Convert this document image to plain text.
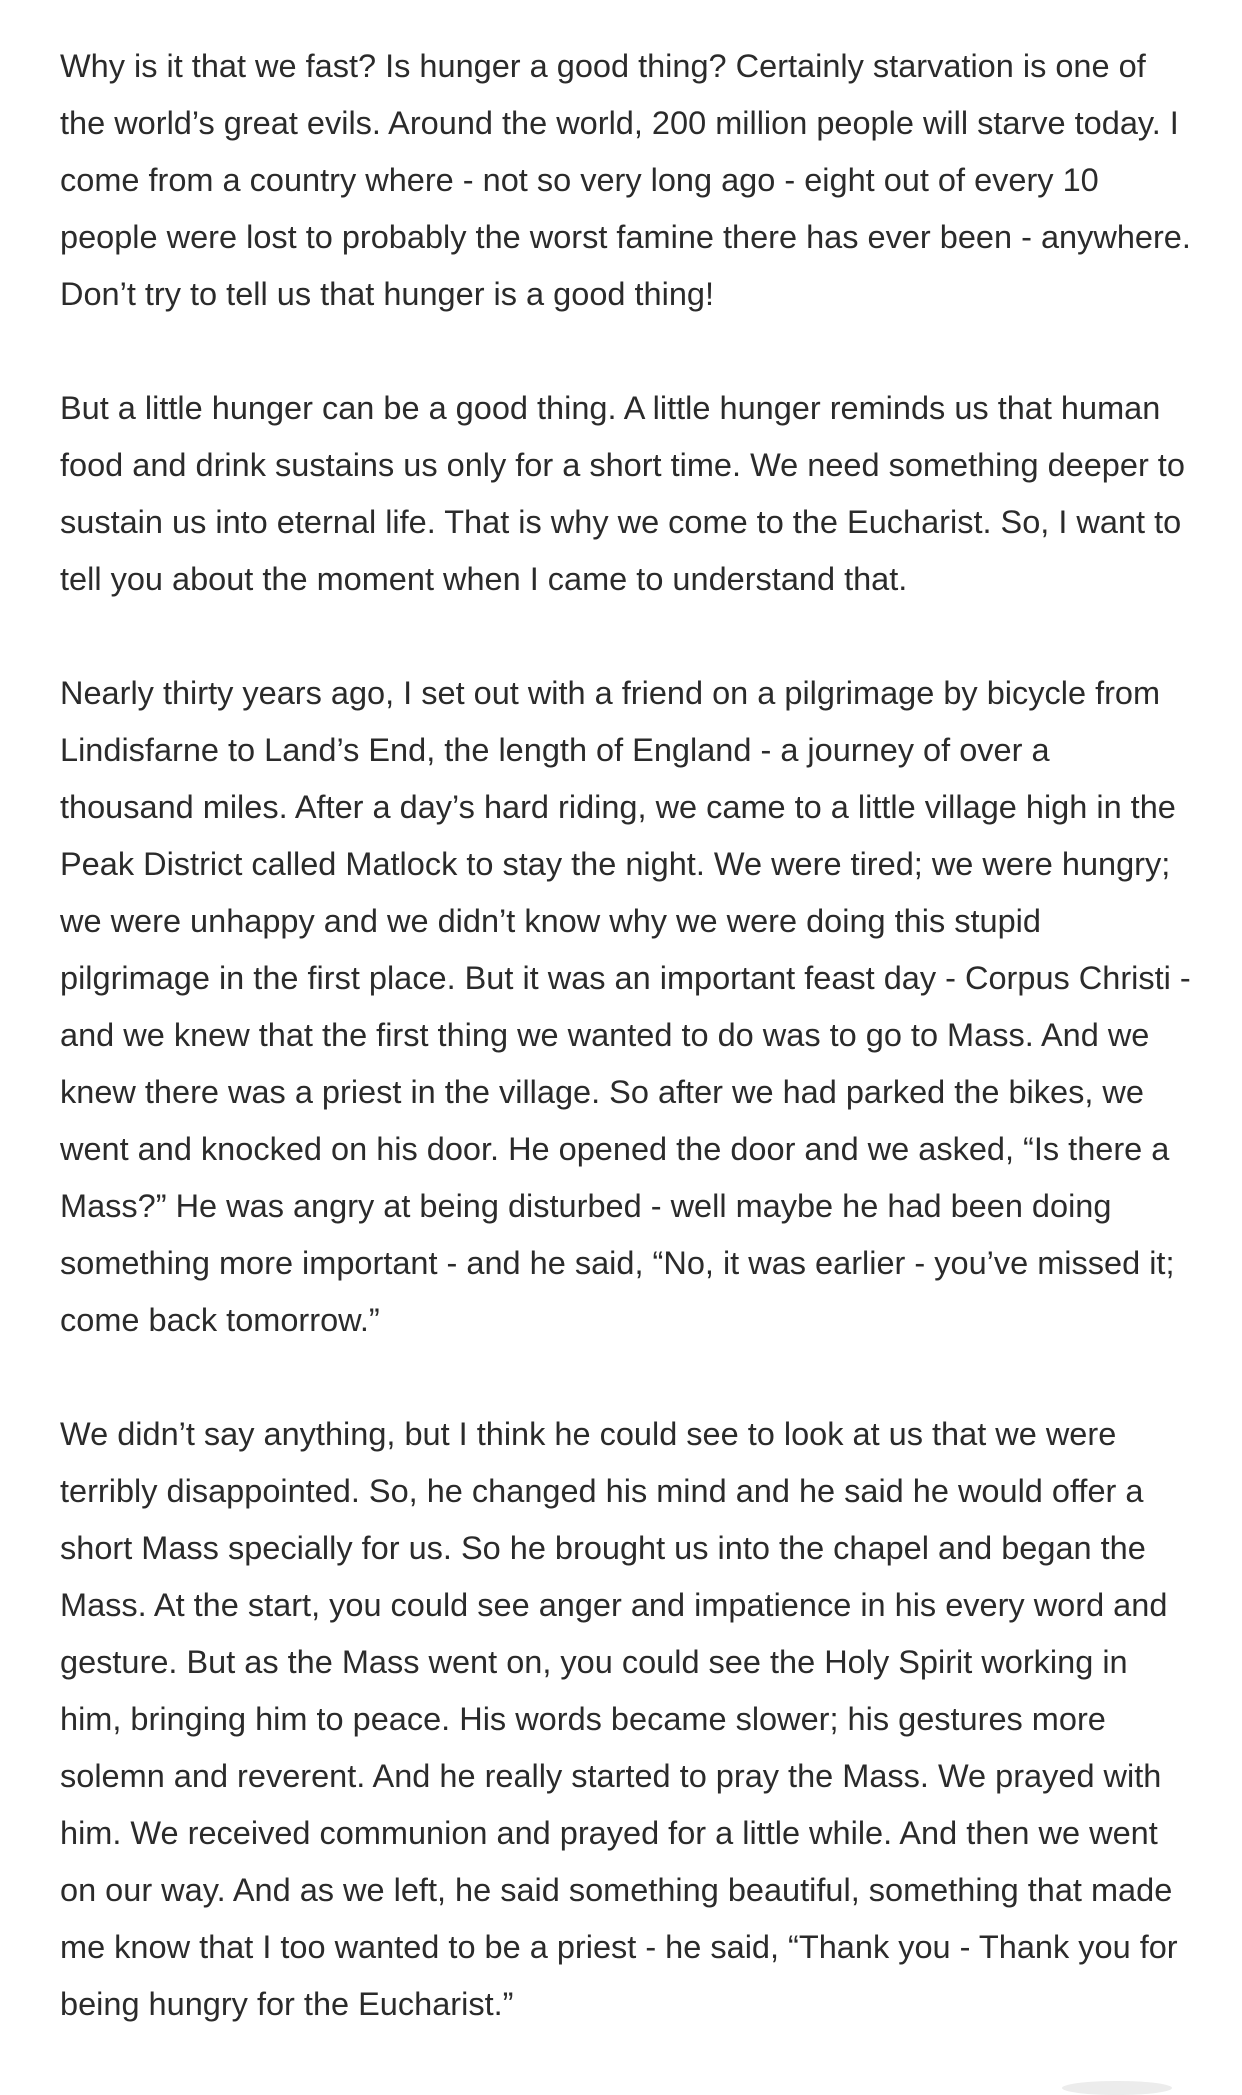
Why is it that we fast? Is hunger a good thing? Certainly starvation is one of the world’s great evils. Around the world, 200 million people will starve today. I come from a country where - not so very long ago - eight out of every 10 people were lost to probably the worst famine there has ever been - anywhere. Don’t try to tell us that hunger is a good thing!

But a little hunger can be a good thing. A little hunger reminds us that human food and drink sustains us only for a short time. We need something deeper to sustain us into eternal life. That is why we come to the Eucharist. So, I want to tell you about the moment when I came to understand that.

Nearly thirty years ago, I set out with a friend on a pilgrimage by bicycle from Lindisfarne to Land’s End, the length of England - a journey of over a thousand miles. After a day’s hard riding, we came to a little village high in the Peak District called Matlock to stay the night. We were tired; we were hungry; we were unhappy and we didn’t know why we were doing this stupid pilgrimage in the first place. But it was an important feast day - Corpus Christi - and we knew that the first thing we wanted to do was to go to Mass. And we knew there was a priest in the village. So after we had parked the bikes, we went and knocked on his door. He opened the door and we asked, “Is there a Mass?” He was angry at being disturbed - well maybe he had been doing something more important - and he said, “No, it was earlier - you’ve missed it; come back tomorrow.”

We didn’t say anything, but I think he could see to look at us that we were terribly disappointed. So, he changed his mind and he said he would offer a short Mass specially for us. So he brought us into the chapel and began the Mass. At the start, you could see anger and impatience in his every word and gesture. But as the Mass went on, you could see the Holy Spirit working in him, bringing him to peace. His words became slower; his gestures more solemn and reverent. And he really started to pray the Mass. We prayed with him. We received communion and prayed for a little while. And then we went on our way. And as we left, he said something beautiful, something that made me know that I too wanted to be a priest - he said, “Thank you - Thank you for being hungry for the Eucharist.”
